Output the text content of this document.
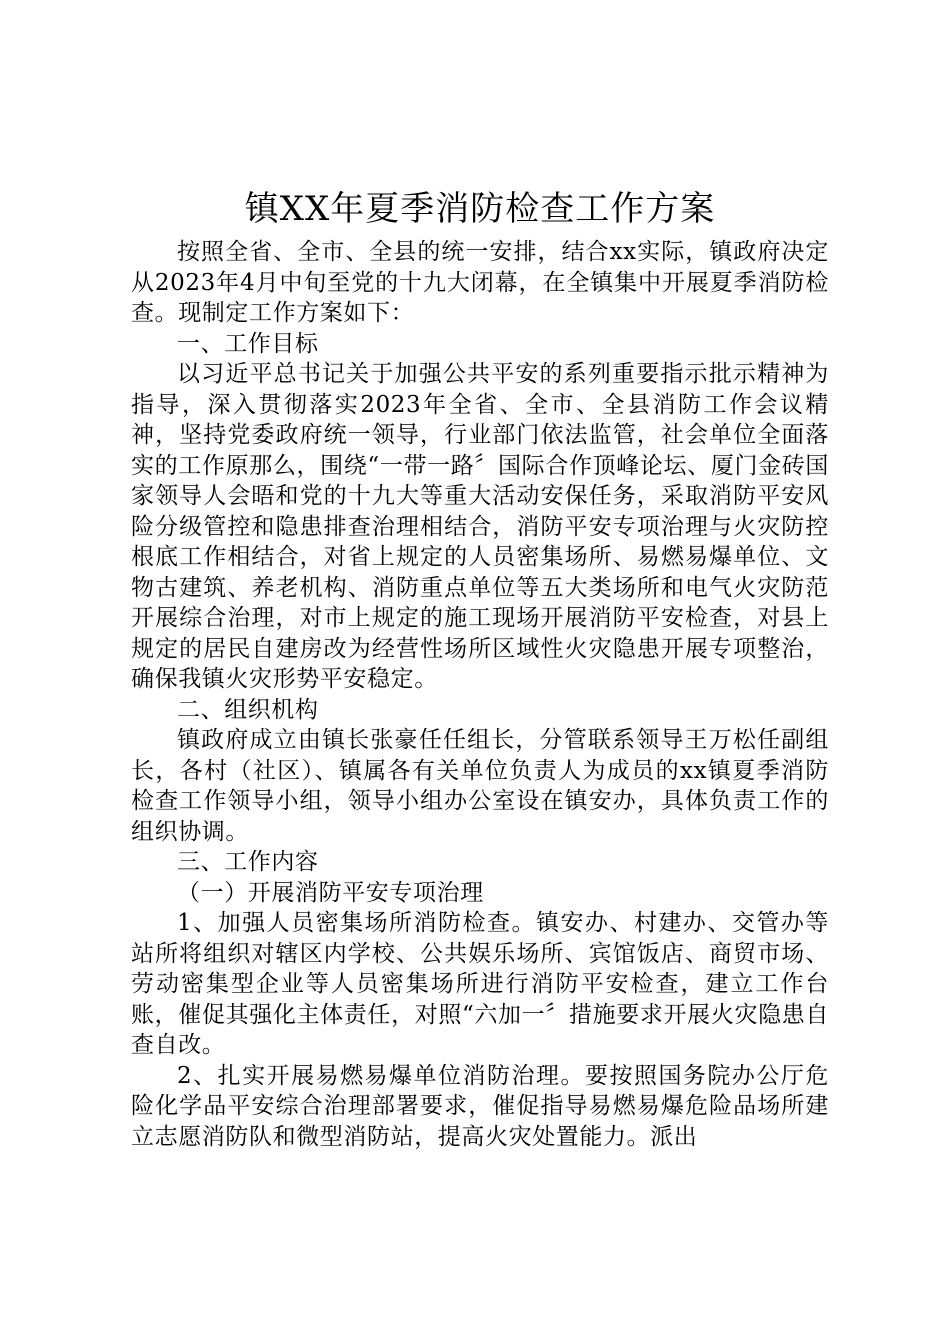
镇XX年夏季消防检查工作方案

按照全省、全市、全县的统一安排，结合xx实际，镇政府决定从2023年4月中旬至党的十九大闭幕，在全镇集中开展夏季消防检查。现制定工作方案如下：

一、工作目标

以习近平总书记关于加强公共平安的系列重要指示批示精神为指导，深入贯彻落实2023年全省、全市、全县消防工作会议精神，坚持党委政府统一领导，行业部门依法监管，社会单位全面落实的工作原那么，围绕“一带一路〞国际合作顶峰论坛、厦门金砖国家领导人会晤和党的十九大等重大活动安保任务，采取消防平安风险分级管控和隐患排查治理相结合，消防平安专项治理与火灾防控根底工作相结合，对省上规定的人员密集场所、易燃易爆单位、文物古建筑、养老机构、消防重点单位等五大类场所和电气火灾防范开展综合治理，对市上规定的施工现场开展消防平安检查，对县上规定的居民自建房改为经营性场所区域性火灾隐患开展专项整治，确保我镇火灾形势平安稳定。

二、组织机构

镇政府成立由镇长张豪任任组长，分管联系领导王万松任副组长，各村（社区）、镇属各有关单位负责人为成员的xx镇夏季消防检查工作领导小组，领导小组办公室设在镇安办，具体负责工作的组织协调。

三、工作内容

（一）开展消防平安专项治理

1、加强人员密集场所消防检查。镇安办、村建办、交管办等站所将组织对辖区内学校、公共娱乐场所、宾馆饭店、商贸市场、劳动密集型企业等人员密集场所进行消防平安检查，建立工作台账，催促其强化主体责任，对照“六加一〞措施要求开展火灾隐患自查自改。

2、扎实开展易燃易爆单位消防治理。要按照国务院办公厅危险化学品平安综合治理部署要求，催促指导易燃易爆危险品场所建立志愿消防队和微型消防站，提高火灾处置能力。派出
